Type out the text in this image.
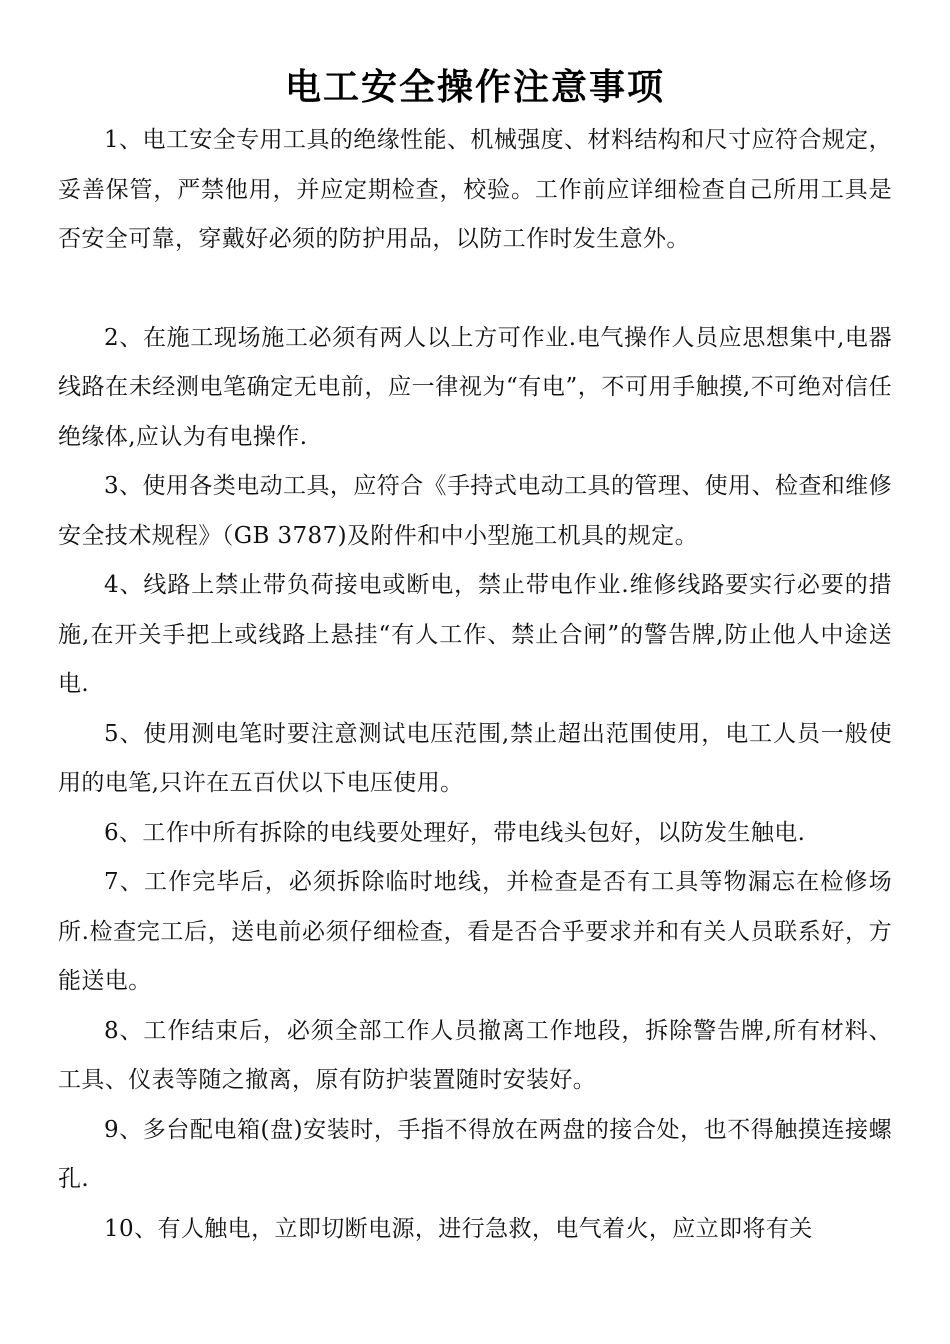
电工安全操作注意事项

1、电工安全专用工具的绝缘性能、机械强度、材料结构和尺寸应符合规定，妥善保管，严禁他用，并应定期检查，校验。工作前应详细检查自己所用工具是否安全可靠，穿戴好必须的防护用品，以防工作时发生意外。

2、在施工现场施工必须有两人以上方可作业.电气操作人员应思想集中,电器线路在未经测电笔确定无电前，应一律视为“有电”，不可用手触摸,不可绝对信任绝缘体,应认为有电操作.

3、使用各类电动工具，应符合《手持式电动工具的管理、使用、检查和维修安全技术规程》（GB 3787)及附件和中小型施工机具的规定。

4、线路上禁止带负荷接电或断电，禁止带电作业.维修线路要实行必要的措施,在开关手把上或线路上悬挂“有人工作、禁止合闸”的警告牌,防止他人中途送电.

5、使用测电笔时要注意测试电压范围,禁止超出范围使用，电工人员一般使用的电笔,只许在五百伏以下电压使用。

6、工作中所有拆除的电线要处理好，带电线头包好，以防发生触电.

7、工作完毕后，必须拆除临时地线，并检查是否有工具等物漏忘在检修场所.检查完工后，送电前必须仔细检查，看是否合乎要求并和有关人员联系好，方能送电。

8、工作结束后，必须全部工作人员撤离工作地段，拆除警告牌,所有材料、工具、仪表等随之撤离，原有防护装置随时安装好。

9、多台配电箱(盘)安装时，手指不得放在两盘的接合处，也不得触摸连接螺孔.

10、有人触电，立即切断电源，进行急救，电气着火，应立即将有关
